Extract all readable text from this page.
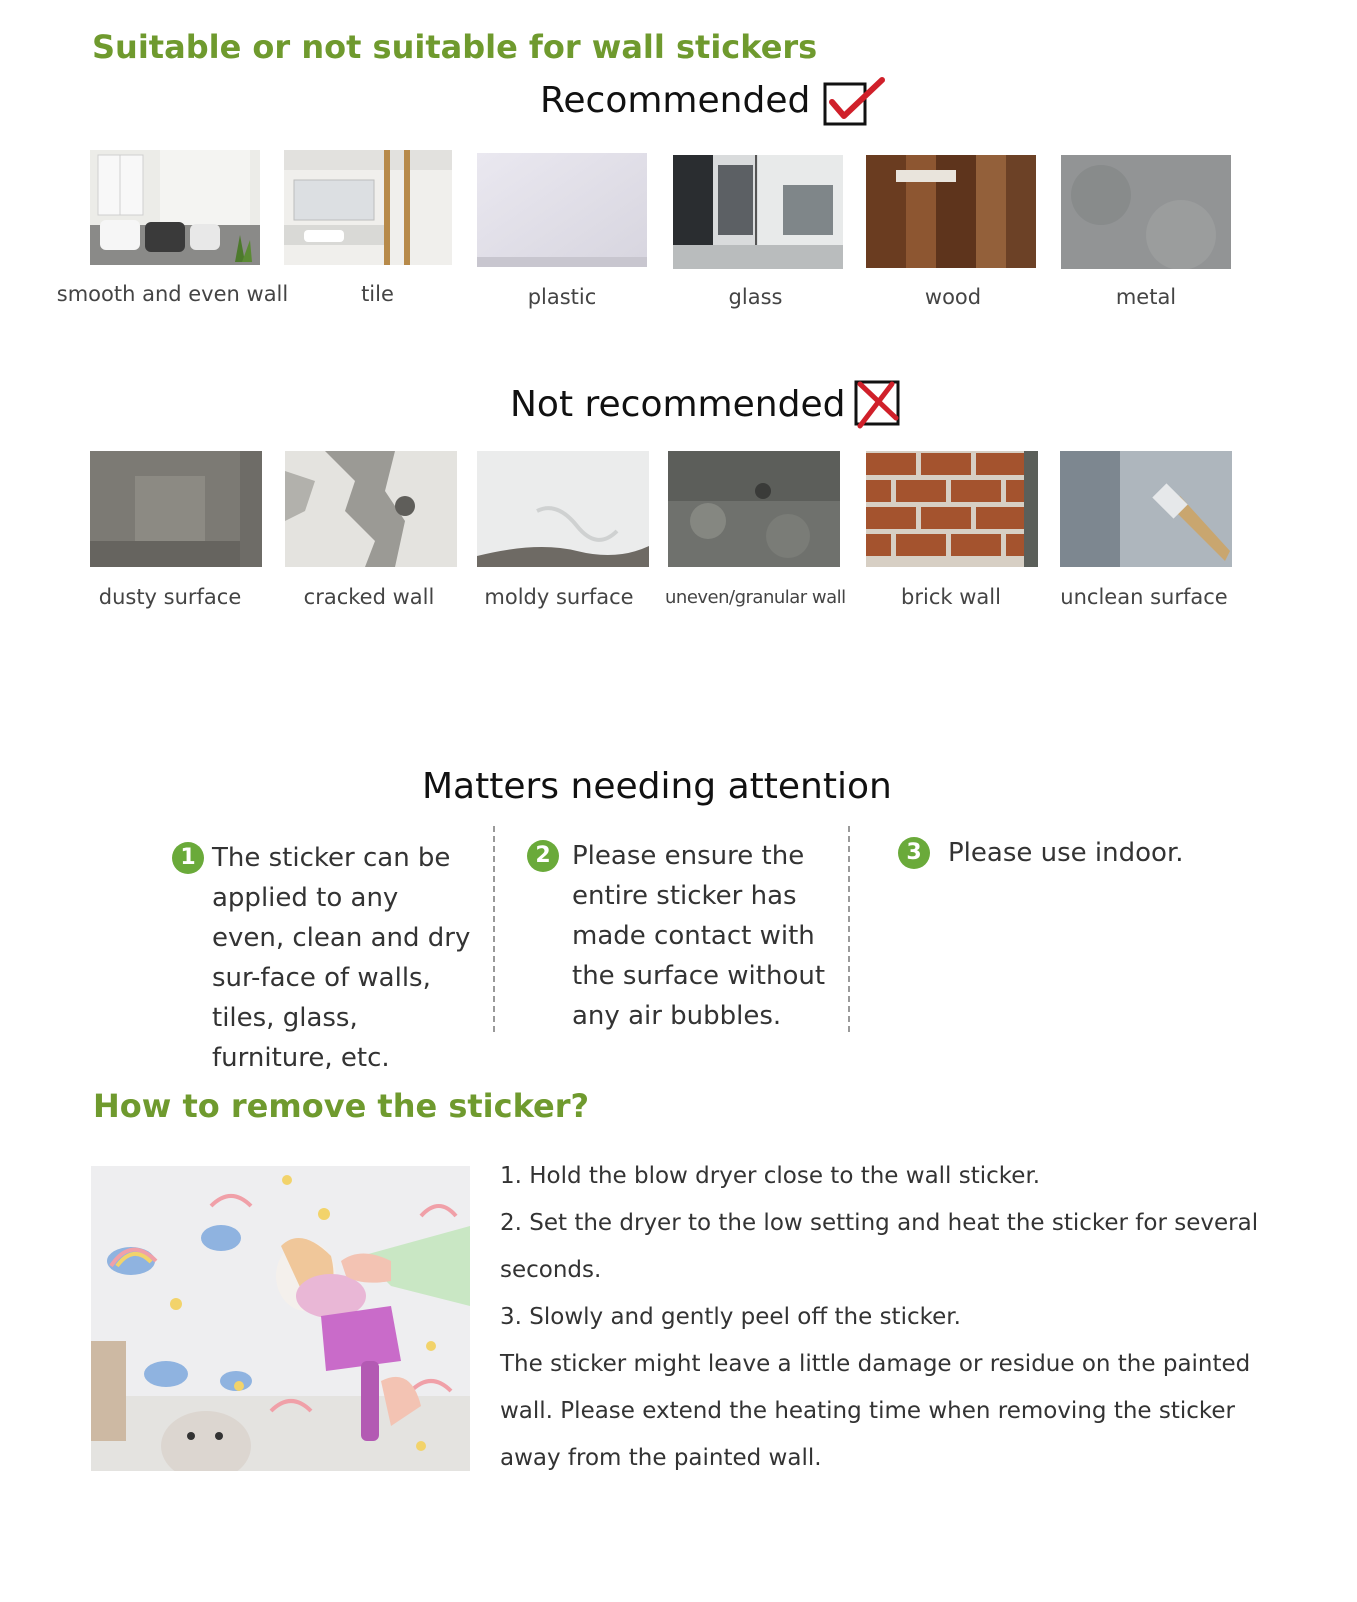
Suitable or not suitable for wall stickers
Recommended
smooth and even wall	tile	plastic	glass	wood	metal
Not recommended
dusty surface	cracked wall	moldy surface	uneven/granular wall	brick wall	unclean surface
Matters needing attention
1 The sticker can be applied to any even, clean and dry sur-face of walls, tiles, glass, furniture, etc.
2 Please ensure the entire sticker has made contact with the surface without any air bubbles.
3	Please use indoor.
How to remove the sticker?
1. Hold the blow dryer close to the wall sticker.
2. Set the dryer to the low setting and heat the sticker for several
seconds.
3. Slowly and gently peel off the sticker.
The sticker might leave a little damage or residue on the painted
wall. Please extend the heating time when removing the sticker
away from the painted wall.
